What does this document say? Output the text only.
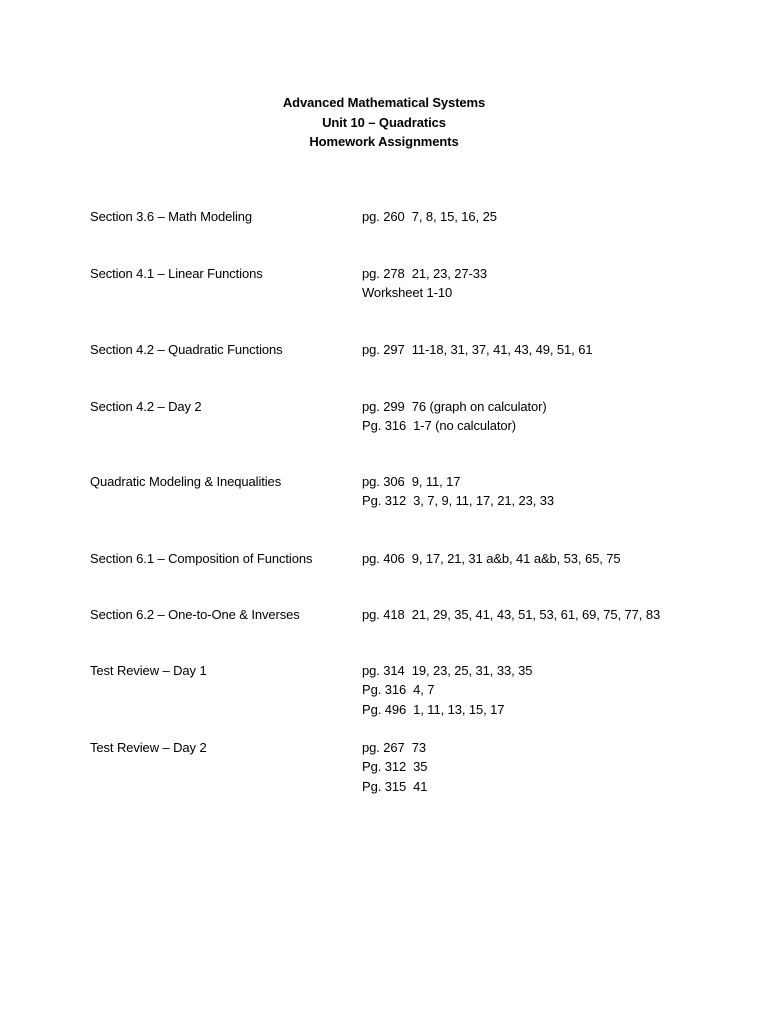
Advanced Mathematical Systems
Unit 10 – Quadratics
Homework Assignments
Section 3.6 – Math Modeling	pg. 260  7, 8, 15, 16, 25
Section 4.1 – Linear Functions	pg. 278  21, 23, 27-33
Worksheet 1-10
Section 4.2 – Quadratic Functions	pg. 297  11-18, 31, 37, 41, 43, 49, 51, 61
Section 4.2 – Day 2	pg. 299  76 (graph on calculator)
Pg. 316  1-7 (no calculator)
Quadratic Modeling & Inequalities	pg. 306  9, 11, 17
Pg. 312  3, 7, 9, 11, 17, 21, 23, 33
Section 6.1 – Composition of Functions	pg. 406  9, 17, 21, 31 a&b, 41 a&b, 53, 65, 75
Section 6.2 – One-to-One & Inverses	pg. 418  21, 29, 35, 41, 43, 51, 53, 61, 69, 75, 77, 83
Test Review – Day 1	pg. 314  19, 23, 25, 31, 33, 35
Pg. 316  4, 7
Pg. 496  1, 11, 13, 15, 17
Test Review – Day 2	pg. 267  73
Pg. 312  35
Pg. 315  41
